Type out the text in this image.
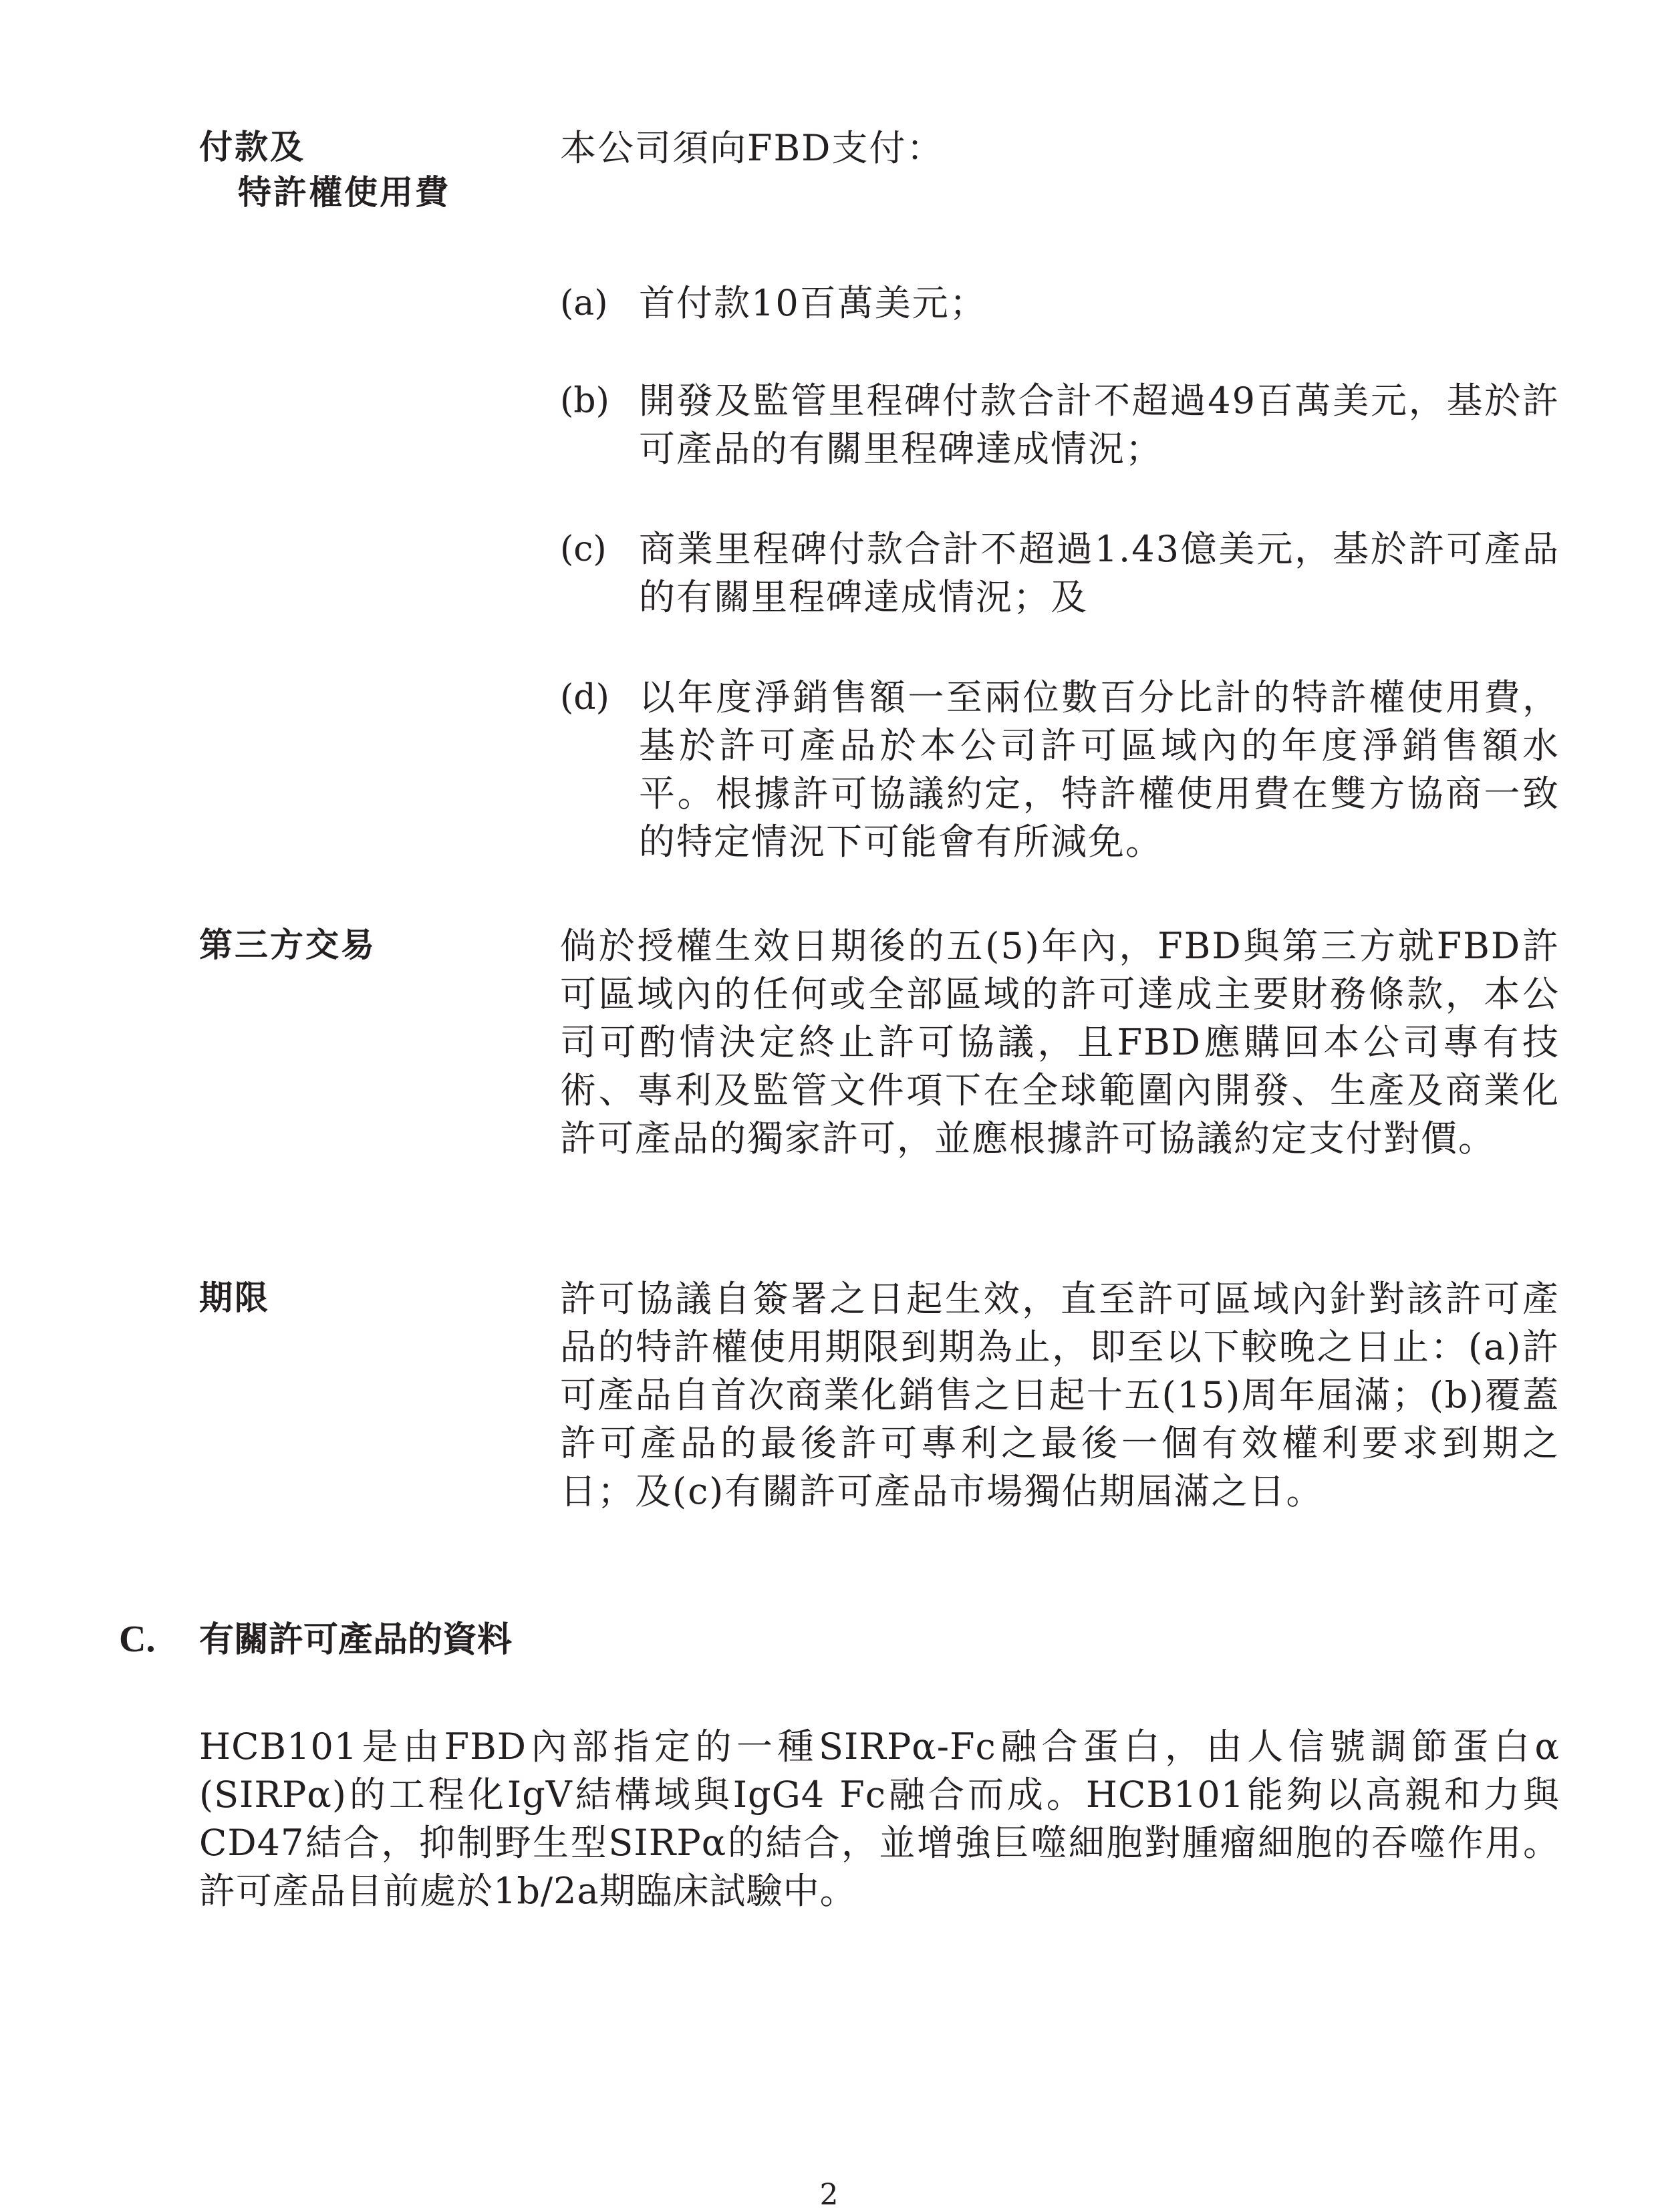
付款及
特許權使用費
本公司須向FBD支付：
(a) 首付款10百萬美元；
(b) 開發及監管里程碑付款合計不超過49百萬美元，基於許可產品的有關里程碑達成情況；
(c) 商業里程碑付款合計不超過1.43億美元，基於許可產品的有關里程碑達成情況；及
(d) 以年度淨銷售額一至兩位數百分比計的特許權使用費，基於許可產品於本公司許可區域內的年度淨銷售額水平。根據許可協議約定，特許權使用費在雙方協商一致的特定情況下可能會有所減免。
第三方交易	倘於授權生效日期後的五(5)年內，FBD與第三方就FBD許可區域內的任何或全部區域的許可達成主要財務條款，本公司可酌情決定終止許可協議，且FBD應購回本公司專有技術、專利及監管文件項下在全球範圍內開發、生產及商業化許可產品的獨家許可，並應根據許可協議約定支付對價。
期限	許可協議自簽署之日起生效，直至許可區域內針對該許可產品的特許權使用期限到期為止，即至以下較晚之日止：(a)許可產品自首次商業化銷售之日起十五(15)周年屆滿；(b)覆蓋許可產品的最後許可專利之最後一個有效權利要求到期之日；及(c)有關許可產品市場獨佔期屆滿之日。
C. 有關許可產品的資料
HCB101是由FBD內部指定的一種SIRPα-Fc融合蛋白，由人信號調節蛋白α (SIRPα)的工程化IgV結構域與IgG4 Fc融合而成。HCB101能夠以高親和力與CD47結合，抑制野生型SIRPα的結合，並增強巨噬細胞對腫瘤細胞的吞噬作用。許可產品目前處於1b/2a期臨床試驗中。
2
